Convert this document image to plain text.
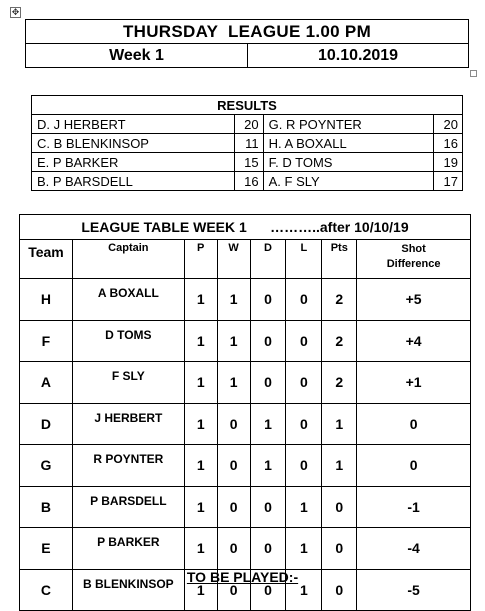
✥
THURSDAY  LEAGUE 1.00 PM
Week 1	10.10.2019
RESULTS			
D. J HERBERT	20	G. R POYNTER	20
C. B BLENKINSOP	11	H. A BOXALL	16
E. P BARKER	15	F. D TOMS	19
B. P BARSDELL	16	A. F SLY	17
LEAGUE TABLE WEEK 1      ………..after 10/10/19							
Team	Captain	P	W	D	L	Pts	Shot
Difference

H	A BOXALL	1	1	0	0	2	+5
F	D TOMS	1	1	0	0	2	+4
A	F SLY	1	1	0	0	2	+1
D	J HERBERT	1	0	1	0	1	0
G	R POYNTER	1	0	1	0	1	0
B	P BARSDELL	1	0	0	1	0	-1
E	P BARKER	1	0	0	1	0	-4
C	B BLENKINSOP	1	0	0	1	0	-5
TO BE PLAYED:-
